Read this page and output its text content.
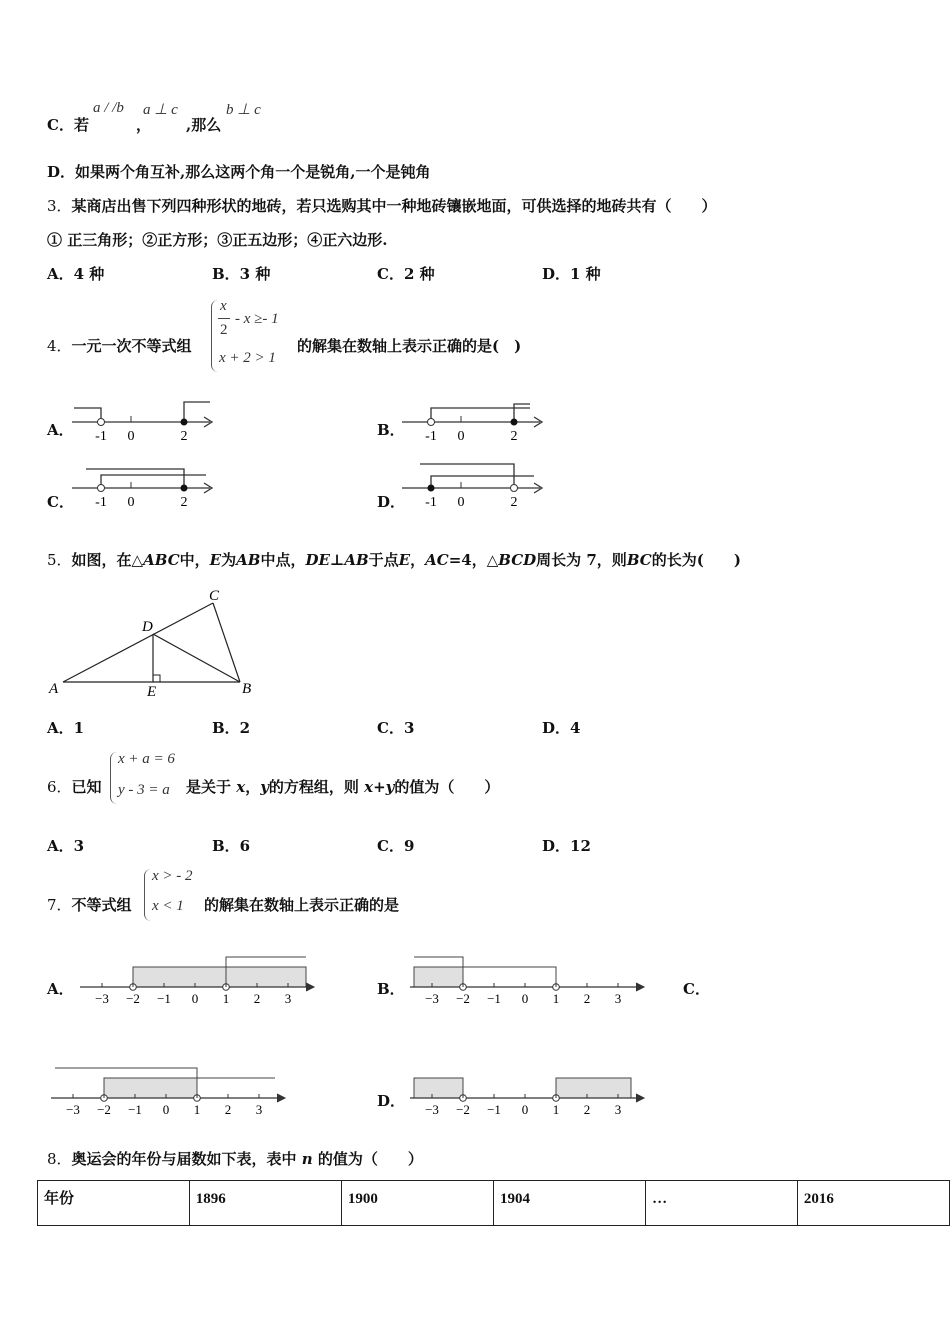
C．若
a / /b
，
a ⊥ c
,那么
b ⊥ c
D．如果两个角互补,那么这两个角一个是锐角,一个是钝角
3．某商店出售下列四种形状的地砖，若只选购其中一种地砖镶嵌地面，可供选择的地砖共有（　　）
① 正三角形；②正方形；③正五边形；④正六边形.
A．4 种	B．3 种	C．2 种	D．1 种
4．一元一次不等式组
x
2
- x ≥- 1
x + 2 > 1
的解集在数轴上表示正确的是(　)
A．	B．
C．	D．
-1 0	2	-1 0	2
-1 0	2	-1 0	2
5．如图，在△ABC中，E为AB中点，DE⊥AB于点E，AC=4，△BCD周长为 7，则BC的长为(　　)
A	B
C
D
E
A．1	B．2	C．3	D．4
6．已知
x + a = 6
y - 3 = a 是关于 x，y的方程组，则 x+y的值为（　　）
A．3	B．6	C．9	D．12
7．不等式组
x > - 2
x < 1 的解集在数轴上表示正确的是
A．	B．	C．
D．
−3 −2 −1 0 1 2 3	−3 −2 −1 0 1 2 3
−3 −2 −1 0 1 2 3	−3 −2 −1 0 1 2 3
8．奥运会的年份与届数如下表，表中 n 的值为（　　）
年份	1896	1900	1904	…	2016
